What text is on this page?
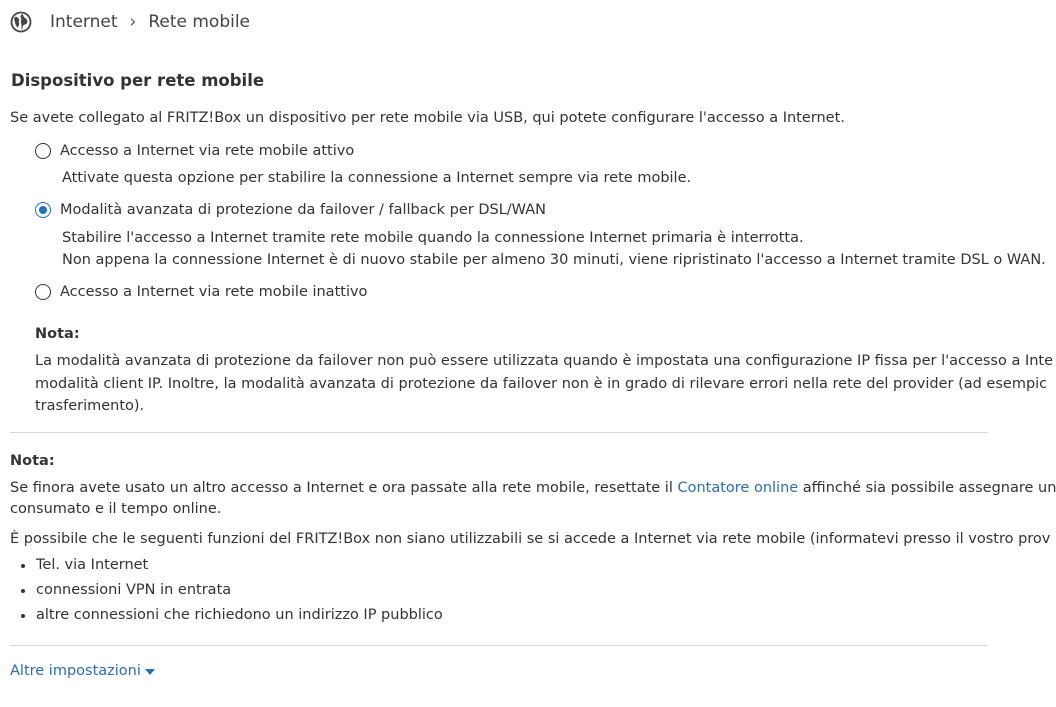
Internet › Rete mobile
Dispositivo per rete mobile
Se avete collegato al FRITZ!Box un dispositivo per rete mobile via USB, qui potete configurare l'accesso a Internet.
Accesso a Internet via rete mobile attivo
Attivate questa opzione per stabilire la connessione a Internet sempre via rete mobile.
Modalità avanzata di protezione da failover / fallback per DSL/WAN
Stabilire l'accesso a Internet tramite rete mobile quando la connessione Internet primaria è interrotta.
Non appena la connessione Internet è di nuovo stabile per almeno 30 minuti, viene ripristinato l'accesso a Internet tramite DSL o WAN.
Accesso a Internet via rete mobile inattivo
Nota:
La modalità avanzata di protezione da failover non può essere utilizzata quando è impostata una configurazione IP fissa per l'accesso a Inte
modalità client IP. Inoltre, la modalità avanzata di protezione da failover non è in grado di rilevare errori nella rete del provider (ad esempic
trasferimento).
Nota:
Se finora avete usato un altro accesso a Internet e ora passate alla rete mobile, resettate il Contatore online affinché sia possibile assegnare un
consumato e il tempo online.
È possibile che le seguenti funzioni del FRITZ!Box non siano utilizzabili se si accede a Internet via rete mobile (informatevi presso il vostro prov
Tel. via Internet
connessioni VPN in entrata
altre connessioni che richiedono un indirizzo IP pubblico
Altre impostazioni
